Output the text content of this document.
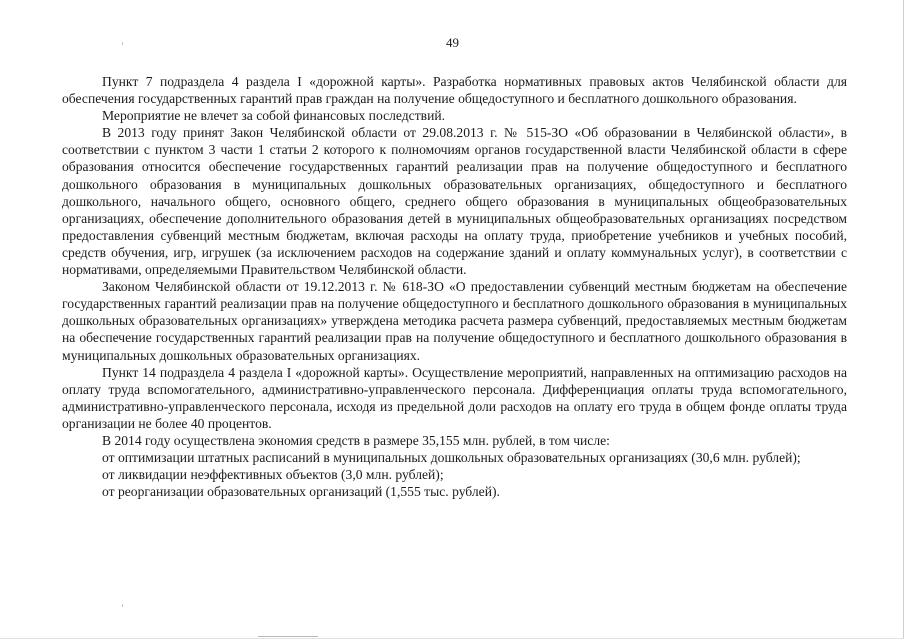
49

Пункт 7 подраздела 4 раздела I «дорожной карты». Разработка нормативных правовых актов Челябинской области для обеспечения государственных гарантий прав граждан на получение общедоступного и бесплатного дошкольного образования.

Мероприятие не влечет за собой финансовых последствий.

В 2013 году принят Закон Челябинской области от 29.08.2013 г. № 515-ЗО «Об образовании в Челябинской области», в соответствии с пунктом 3 части 1 статьи 2 которого к полномочиям органов государственной власти Челябинской области в сфере образования относится обеспечение государственных гарантий реализации прав на получение общедоступного и бесплатного дошкольного образования в муниципальных дошкольных образовательных организациях, общедоступного и бесплатного дошкольного, начального общего, основного общего, среднего общего образования в муниципальных общеобразовательных организациях, обеспечение дополнительного образования детей в муниципальных общеобразовательных организациях посредством предоставления субвенций местным бюджетам, включая расходы на оплату труда, приобретение учебников и учебных пособий, средств обучения, игр, игрушек (за исключением расходов на содержание зданий и оплату коммунальных услуг), в соответствии с нормативами, определяемыми Правительством Челябинской области.

Законом Челябинской области от 19.12.2013 г. № 618-ЗО «О предоставлении субвенций местным бюджетам на обеспечение государственных гарантий реализации прав на получение общедоступного и бесплатного дошкольного образования в муниципальных дошкольных образовательных организациях» утверждена методика расчета размера субвенций, предоставляемых местным бюджетам на обеспечение государственных гарантий реализации прав на получение общедоступного и бесплатного дошкольного образования в муниципальных дошкольных образовательных организациях.

Пункт 14 подраздела 4 раздела I «дорожной карты». Осуществление мероприятий, направленных на оптимизацию расходов на оплату труда вспомогательного, административно-управленческого персонала. Дифференциация оплаты труда вспомогательного, административно-управленческого персонала, исходя из предельной доли расходов на оплату его труда в общем фонде оплаты труда организации не более 40 процентов.

В 2014 году осуществлена экономия средств в размере 35,155 млн. рублей, в том числе:

от оптимизации штатных расписаний в муниципальных дошкольных образовательных организациях (30,6 млн. рублей);

от ликвидации неэффективных объектов (3,0 млн. рублей);

от реорганизации образовательных организаций (1,555 тыс. рублей).
